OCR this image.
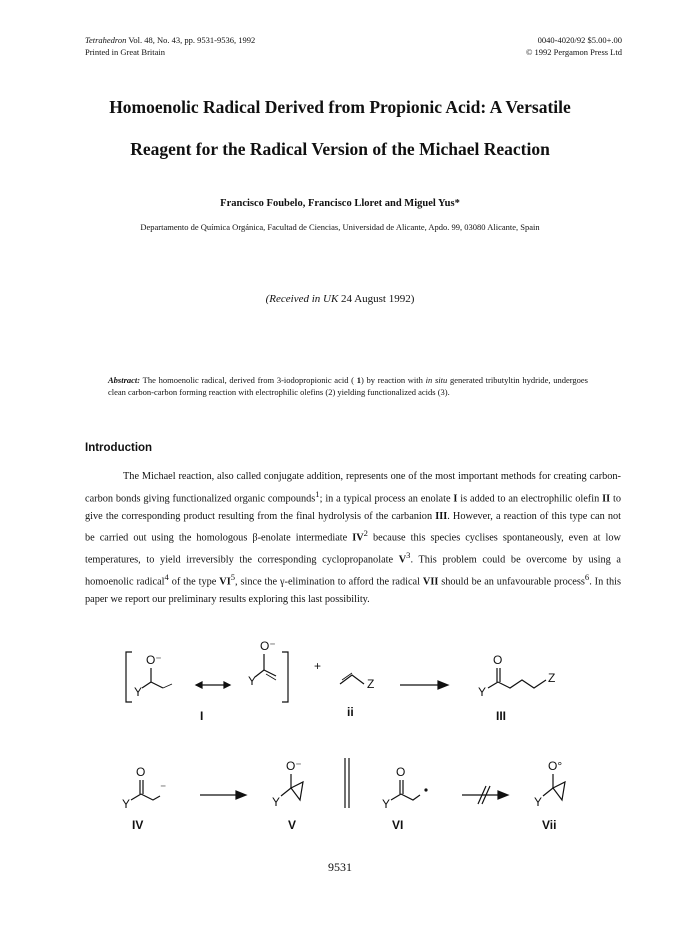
Tetrahedron Vol. 48, No. 43, pp. 9531-9536, 1992
Printed in Great Britain
0040-4020/92 $5.00+.00
© 1992 Pergamon Press Ltd
Homoenolic Radical Derived from Propionic Acid: A Versatile
Reagent for the Radical Version of the Michael Reaction
Francisco Foubelo, Francisco Lloret and Miguel Yus*
Departamento de Química Orgánica, Facultad de Ciencias, Universidad de Alicante, Apdo. 99, 03080 Alicante, Spain
(Received in UK 24 August 1992)
Abstract: The homoenolic radical, derived from 3-iodopropionic acid ( 1) by reaction with in situ generated tributyltin hydride, undergoes clean carbon-carbon forming reaction with electrophilic olefins (2) yielding functionalized acids (3).
Introduction

The Michael reaction, also called conjugate addition, represents one of the most important methods for creating carbon-carbon bonds giving functionalized organic compounds$^1$; in a typical process an enolate I is added to an electrophilic olefin II to give the corresponding product resulting from the final hydrolysis of the carbanion III. However, a reaction of this type can not be carried out using the homologous β-enolate intermediate $IV^2$ because this species cyclises spontaneously, even at low temperatures, to yield irreversibly the corresponding cyclopropanolate $V^3$. This problem could be overcome by using a homoenolic radical$^4$ of the type $VI^5$, since the γ-elimination to afford the radical VII should be an unfavourable process$^6$. In this paper we report our preliminary results exploring this last possibility.

O⁻
Y
O⁻
Y
+
Z
O
Z
Y
I	ii	III
O
Y
⁻
O⁻
Y
O
Y
O°
Y
IV	V	VI	Vii
9531
